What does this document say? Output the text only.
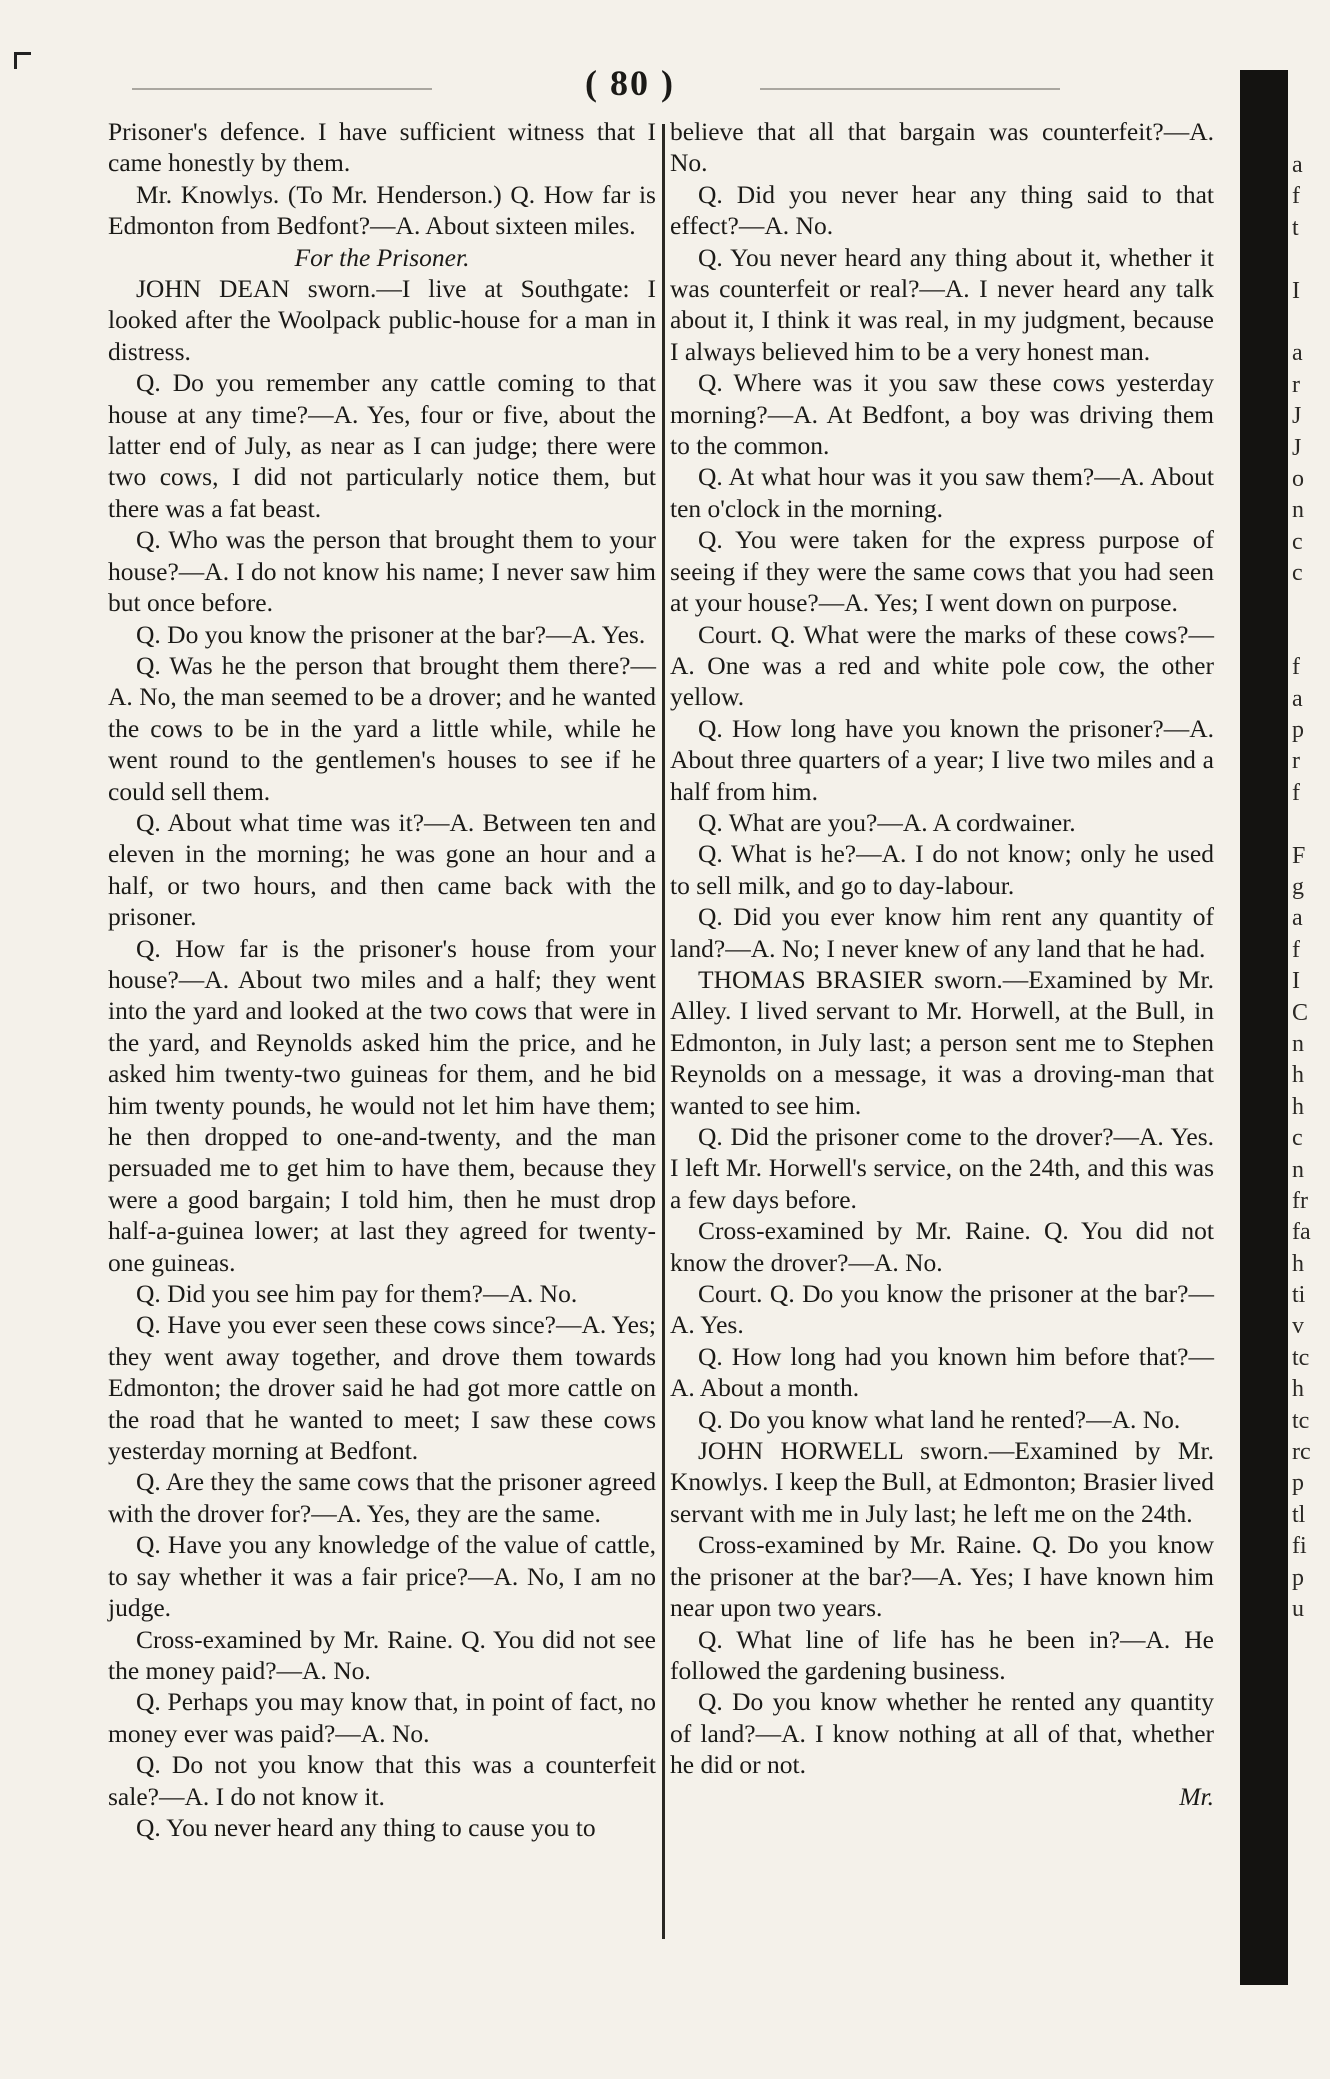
( 80 )

Prisoner's defence. I have sufficient witness that I came honestly by them.

Mr. Knowlys. (To Mr. Henderson.) Q. How far is Edmonton from Bedfont?—A. About sixteen miles.

For the Prisoner.

JOHN DEAN sworn.—I live at Southgate: I looked after the Woolpack public-house for a man in distress.

Q. Do you remember any cattle coming to that house at any time?—A. Yes, four or five, about the latter end of July, as near as I can judge; there were two cows, I did not particularly notice them, but there was a fat beast.

Q. Who was the person that brought them to your house?—A. I do not know his name; I never saw him but once before.

Q. Do you know the prisoner at the bar?—A. Yes.

Q. Was he the person that brought them there?—A. No, the man seemed to be a drover; and he wanted the cows to be in the yard a little while, while he went round to the gentlemen's houses to see if he could sell them.

Q. About what time was it?—A. Between ten and eleven in the morning; he was gone an hour and a half, or two hours, and then came back with the prisoner.

Q. How far is the prisoner's house from your house?—A. About two miles and a half; they went into the yard and looked at the two cows that were in the yard, and Reynolds asked him the price, and he asked him twenty-two guineas for them, and he bid him twenty pounds, he would not let him have them; he then dropped to one-and-twenty, and the man persuaded me to get him to have them, because they were a good bargain; I told him, then he must drop half-a-guinea lower; at last they agreed for twenty-one guineas.

Q. Did you see him pay for them?—A. No.

Q. Have you ever seen these cows since?—A. Yes; they went away together, and drove them towards Edmonton; the drover said he had got more cattle on the road that he wanted to meet; I saw these cows yesterday morning at Bedfont.

Q. Are they the same cows that the prisoner agreed with the drover for?—A. Yes, they are the same.

Q. Have you any knowledge of the value of cattle, to say whether it was a fair price?—A. No, I am no judge.

Cross-examined by Mr. Raine. Q. You did not see the money paid?—A. No.

Q. Perhaps you may know that, in point of fact, no money ever was paid?—A. No.

Q. Do not you know that this was a counterfeit sale?—A. I do not know it.

Q. You never heard any thing to cause you to

believe that all that bargain was counterfeit?—A. No.

Q. Did you never hear any thing said to that effect?—A. No.

Q. You never heard any thing about it, whether it was counterfeit or real?—A. I never heard any talk about it, I think it was real, in my judgment, because I always believed him to be a very honest man.

Q. Where was it you saw these cows yesterday morning?—A. At Bedfont, a boy was driving them to the common.

Q. At what hour was it you saw them?—A. About ten o'clock in the morning.

Q. You were taken for the express purpose of seeing if they were the same cows that you had seen at your house?—A. Yes; I went down on purpose.

Court. Q. What were the marks of these cows?—A. One was a red and white pole cow, the other yellow.

Q. How long have you known the prisoner?—A. About three quarters of a year; I live two miles and a half from him.

Q. What are you?—A. A cordwainer.

Q. What is he?—A. I do not know; only he used to sell milk, and go to day-labour.

Q. Did you ever know him rent any quantity of land?—A. No; I never knew of any land that he had.

THOMAS BRASIER sworn.—Examined by Mr. Alley. I lived servant to Mr. Horwell, at the Bull, in Edmonton, in July last; a person sent me to Stephen Reynolds on a message, it was a droving-man that wanted to see him.

Q. Did the prisoner come to the drover?—A. Yes. I left Mr. Horwell's service, on the 24th, and this was a few days before.

Cross-examined by Mr. Raine. Q. You did not know the drover?—A. No.

Court. Q. Do you know the prisoner at the bar?—A. Yes.

Q. How long had you known him before that?—A. About a month.

Q. Do you know what land he rented?—A. No.

JOHN HORWELL sworn.—Examined by Mr. Knowlys. I keep the Bull, at Edmonton; Brasier lived servant with me in July last; he left me on the 24th.

Cross-examined by Mr. Raine. Q. Do you know the prisoner at the bar?—A. Yes; I have known him near upon two years.

Q. What line of life has he been in?—A. He followed the gardening business.

Q. Do you know whether he rented any quantity of land?—A. I know nothing at all of that, whether he did or not.

Mr.

a
f
t
I
a
r
J
J
o
n
c
c
f
a
p
r
f
F
g
a
f
I
C
n
h
h
c
n
fr
fa
h
ti
v
tc
h
tc
rc
p
tl
fi
p
u
